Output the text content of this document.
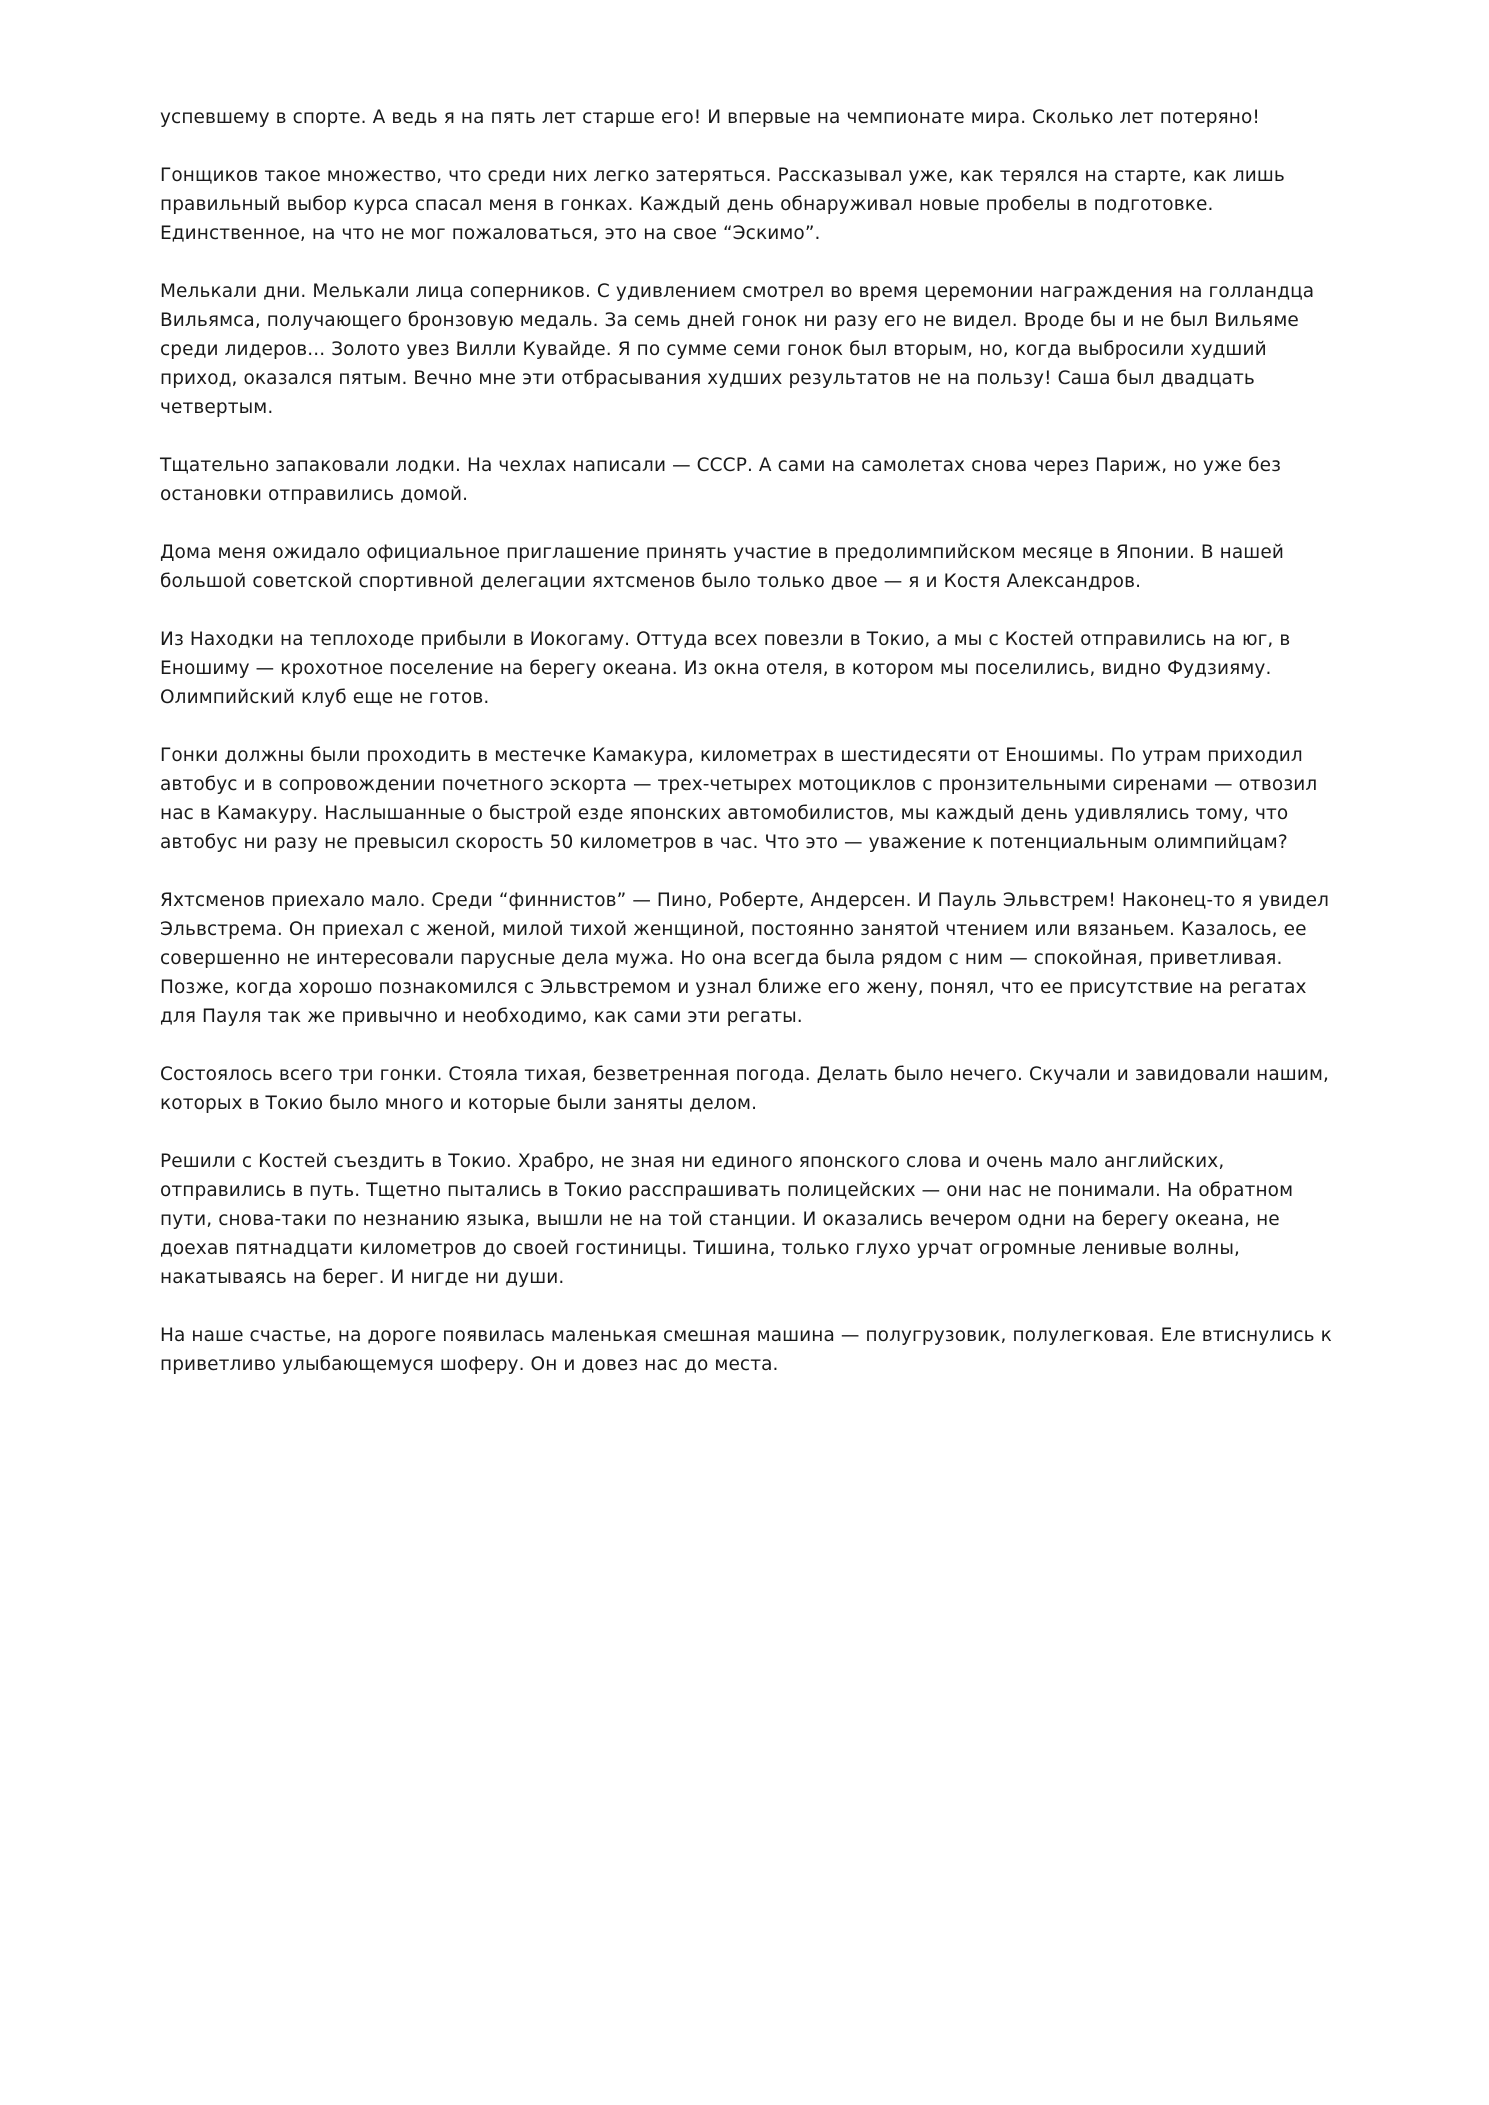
успевшему в спорте. А ведь я на пять лет старше его! И впервые на чемпионате мира. Сколько лет потеряно!

Гонщиков такое множество, что среди них легко затеряться. Рассказывал уже, как терялся на старте, как лишь правильный выбор курса спасал меня в гонках. Каждый день обнаруживал новые пробелы в подготовке. Единственное, на что не мог пожаловаться, это на свое “Эскимо”.

Мелькали дни. Мелькали лица соперников. С удивлением смотрел во время церемонии награждения на голландца Вильямса, получающего бронзовую медаль. За семь дней гонок ни разу его не видел. Вроде бы и не был Вильяме среди лидеров... Золото увез Вилли Кувайде. Я по сумме семи гонок был вторым, но, когда выбросили худший приход, оказался пятым. Вечно мне эти отбрасывания худших результатов не на пользу! Саша был двадцать четвертым.

Тщательно запаковали лодки. На чехлах написали — СССР. А сами на самолетах снова через Париж, но уже без остановки отправились домой.

Дома меня ожидало официальное приглашение принять участие в предолимпийском месяце в Японии. В нашей большой советской спортивной делегации яхтсменов было только двое — я и Костя Александров.

Из Находки на теплоходе прибыли в Иокогаму. Оттуда всех повезли в Токио, а мы с Костей отправились на юг, в Еношиму — крохотное поселение на берегу океана. Из окна отеля, в котором мы поселились, видно Фудзияму. Олимпийский клуб еще не готов.

Гонки должны были проходить в местечке Камакура, километрах в шестидесяти от Еношимы. По утрам приходил автобус и в сопровождении почетного эскорта — трех-четырех мотоциклов с пронзительными сиренами — отвозил нас в Камакуру. Наслышанные о быстрой езде японских автомобилистов, мы каждый день удивлялись тому, что автобус ни разу не превысил скорость 50 километров в час. Что это — уважение к потенциальным олимпийцам?

Яхтсменов приехало мало. Среди “финнистов” — Пино, Роберте, Андерсен. И Пауль Эльвстрем! Наконец-то я увидел Эльвстрема. Он приехал с женой, милой тихой женщиной, постоянно занятой чтением или вязаньем. Казалось, ее совершенно не интересовали парусные дела мужа. Но она всегда была рядом с ним — спокойная, приветливая. Позже, когда хорошо познакомился с Эльвстремом и узнал ближе его жену, понял, что ее присутствие на регатах для Пауля так же привычно и необходимо, как сами эти регаты.

Состоялось всего три гонки. Стояла тихая, безветренная погода. Делать было нечего. Скучали и завидовали нашим, которых в Токио было много и которые были заняты делом.

Решили с Костей съездить в Токио. Храбро, не зная ни единого японского слова и очень мало английских, отправились в путь. Тщетно пытались в Токио расспрашивать полицейских — они нас не понимали. На обратном пути, снова-таки по незнанию языка, вышли не на той станции. И оказались вечером одни на берегу океана, не доехав пятнадцати километров до своей гостиницы. Тишина, только глухо урчат огромные ленивые волны, накатываясь на берег. И нигде ни души.

На наше счастье, на дороге появилась маленькая смешная машина — полугрузовик, полулегковая. Еле втиснулись к приветливо улыбающемуся шоферу. Он и довез нас до места.
